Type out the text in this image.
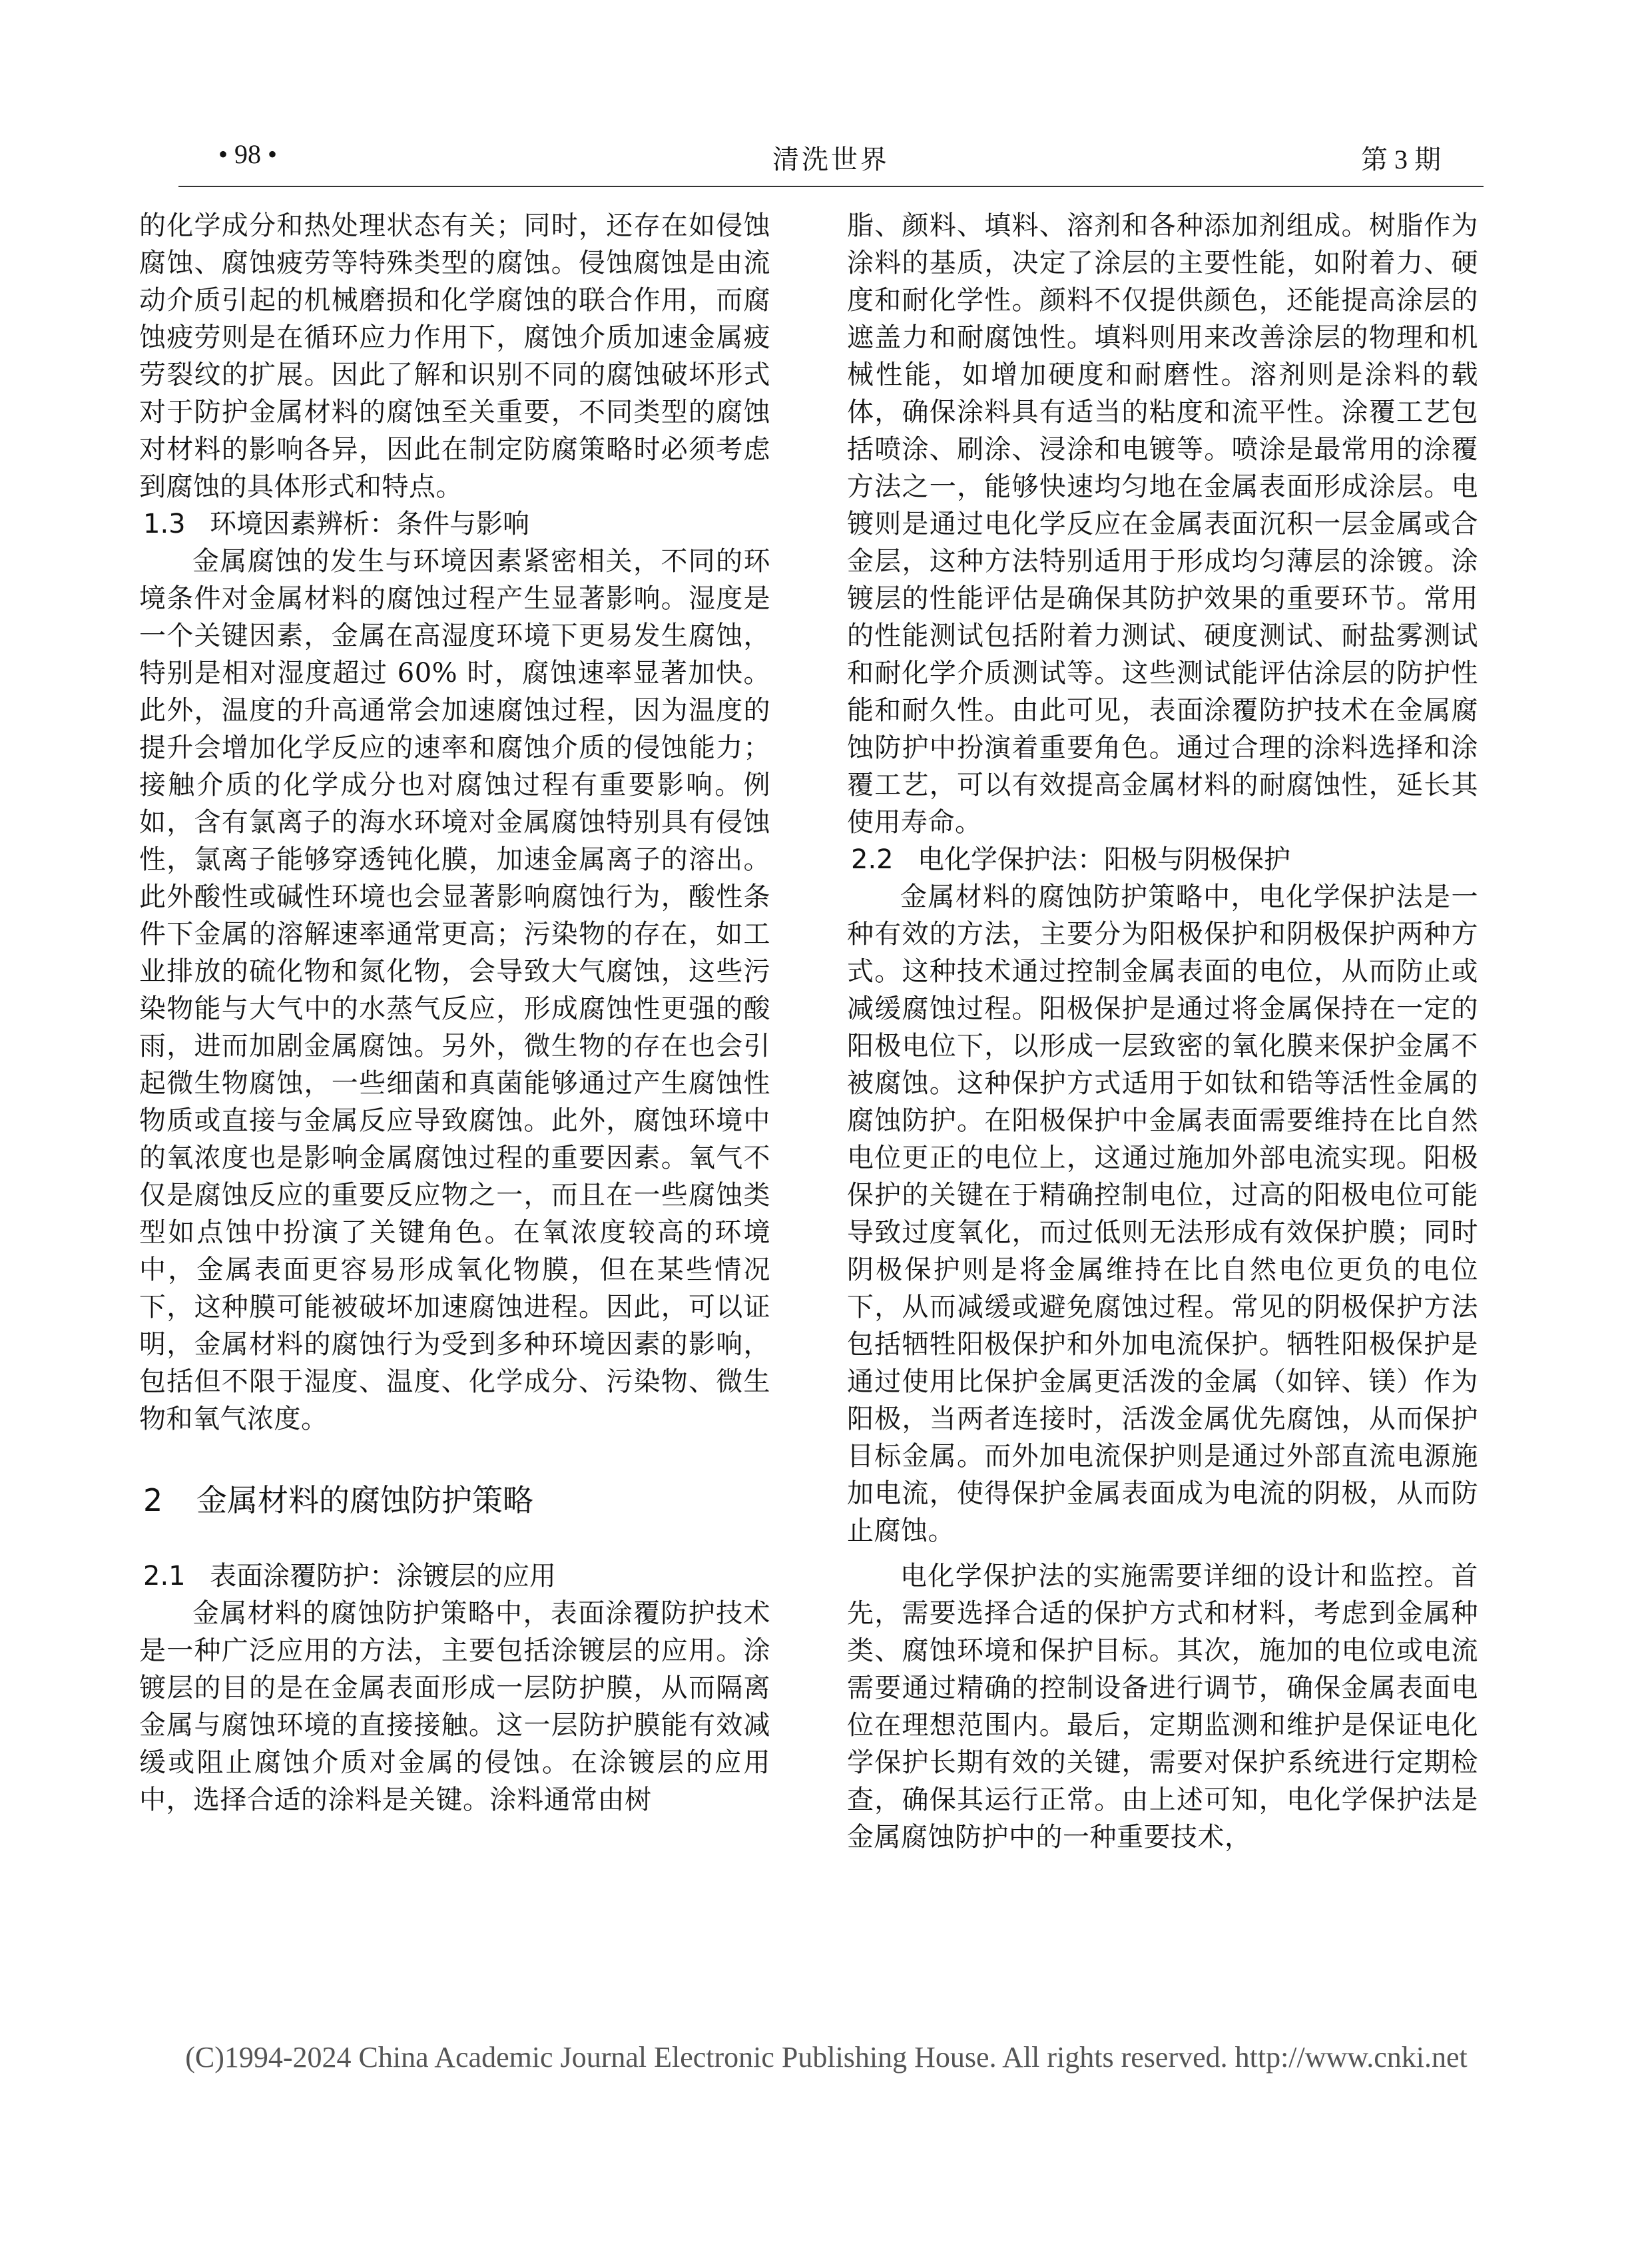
• 98 •	清洗世界	第 3 期

的化学成分和热处理状态有关；同时，还存在如侵蚀腐蚀、腐蚀疲劳等特殊类型的腐蚀。侵蚀腐蚀是由流动介质引起的机械磨损和化学腐蚀的联合作用，而腐蚀疲劳则是在循环应力作用下，腐蚀介质加速金属疲劳裂纹的扩展。因此了解和识别不同的腐蚀破坏形式对于防护金属材料的腐蚀至关重要，不同类型的腐蚀对材料的影响各异，因此在制定防腐策略时必须考虑到腐蚀的具体形式和特点。

1.3 环境因素辨析：条件与影响

金属腐蚀的发生与环境因素紧密相关，不同的环境条件对金属材料的腐蚀过程产生显著影响。湿度是一个关键因素，金属在高湿度环境下更易发生腐蚀，特别是相对湿度超过 60% 时，腐蚀速率显著加快。此外，温度的升高通常会加速腐蚀过程，因为温度的提升会增加化学反应的速率和腐蚀介质的侵蚀能力；接触介质的化学成分也对腐蚀过程有重要影响。例如，含有氯离子的海水环境对金属腐蚀特别具有侵蚀性，氯离子能够穿透钝化膜，加速金属离子的溶出。此外酸性或碱性环境也会显著影响腐蚀行为，酸性条件下金属的溶解速率通常更高；污染物的存在，如工业排放的硫化物和氮化物，会导致大气腐蚀，这些污染物能与大气中的水蒸气反应，形成腐蚀性更强的酸雨，进而加剧金属腐蚀。另外，微生物的存在也会引起微生物腐蚀，一些细菌和真菌能够通过产生腐蚀性物质或直接与金属反应导致腐蚀。此外，腐蚀环境中的氧浓度也是影响金属腐蚀过程的重要因素。氧气不仅是腐蚀反应的重要反应物之一，而且在一些腐蚀类型如点蚀中扮演了关键角色。在氧浓度较高的环境中，金属表面更容易形成氧化物膜，但在某些情况下，这种膜可能被破坏加速腐蚀进程。因此，可以证明，金属材料的腐蚀行为受到多种环境因素的影响，包括但不限于湿度、温度、化学成分、污染物、微生物和氧气浓度。

2 金属材料的腐蚀防护策略
2.1 表面涂覆防护：涂镀层的应用

金属材料的腐蚀防护策略中，表面涂覆防护技术是一种广泛应用的方法，主要包括涂镀层的应用。涂镀层的目的是在金属表面形成一层防护膜，从而隔离金属与腐蚀环境的直接接触。这一层防护膜能有效减缓或阻止腐蚀介质对金属的侵蚀。在涂镀层的应用中，选择合适的涂料是关键。涂料通常由树

脂、颜料、填料、溶剂和各种添加剂组成。树脂作为涂料的基质，决定了涂层的主要性能，如附着力、硬度和耐化学性。颜料不仅提供颜色，还能提高涂层的遮盖力和耐腐蚀性。填料则用来改善涂层的物理和机械性能，如增加硬度和耐磨性。溶剂则是涂料的载体，确保涂料具有适当的粘度和流平性。涂覆工艺包括喷涂、刷涂、浸涂和电镀等。喷涂是最常用的涂覆方法之一，能够快速均匀地在金属表面形成涂层。电镀则是通过电化学反应在金属表面沉积一层金属或合金层，这种方法特别适用于形成均匀薄层的涂镀。涂镀层的性能评估是确保其防护效果的重要环节。常用的性能测试包括附着力测试、硬度测试、耐盐雾测试和耐化学介质测试等。这些测试能评估涂层的防护性能和耐久性。由此可见，表面涂覆防护技术在金属腐蚀防护中扮演着重要角色。通过合理的涂料选择和涂覆工艺，可以有效提高金属材料的耐腐蚀性，延长其使用寿命。

2.2 电化学保护法：阳极与阴极保护

金属材料的腐蚀防护策略中，电化学保护法是一种有效的方法，主要分为阳极保护和阴极保护两种方式。这种技术通过控制金属表面的电位，从而防止或减缓腐蚀过程。阳极保护是通过将金属保持在一定的阳极电位下，以形成一层致密的氧化膜来保护金属不被腐蚀。这种保护方式适用于如钛和锆等活性金属的腐蚀防护。在阳极保护中金属表面需要维持在比自然电位更正的电位上，这通过施加外部电流实现。阳极保护的关键在于精确控制电位，过高的阳极电位可能导致过度氧化，而过低则无法形成有效保护膜；同时阴极保护则是将金属维持在比自然电位更负的电位下，从而减缓或避免腐蚀过程。常见的阴极保护方法包括牺牲阳极保护和外加电流保护。牺牲阳极保护是通过使用比保护金属更活泼的金属（如锌、镁）作为阳极，当两者连接时，活泼金属优先腐蚀，从而保护目标金属。而外加电流保护则是通过外部直流电源施加电流，使得保护金属表面成为电流的阴极，从而防止腐蚀。

电化学保护法的实施需要详细的设计和监控。首先，需要选择合适的保护方式和材料，考虑到金属种类、腐蚀环境和保护目标。其次，施加的电位或电流需要通过精确的控制设备进行调节，确保金属表面电位在理想范围内。最后，定期监测和维护是保证电化学保护长期有效的关键，需要对保护系统进行定期检查，确保其运行正常。由上述可知，电化学保护法是金属腐蚀防护中的一种重要技术，

(C)1994-2024 China Academic Journal Electronic Publishing House. All rights reserved. http://www.cnki.net
